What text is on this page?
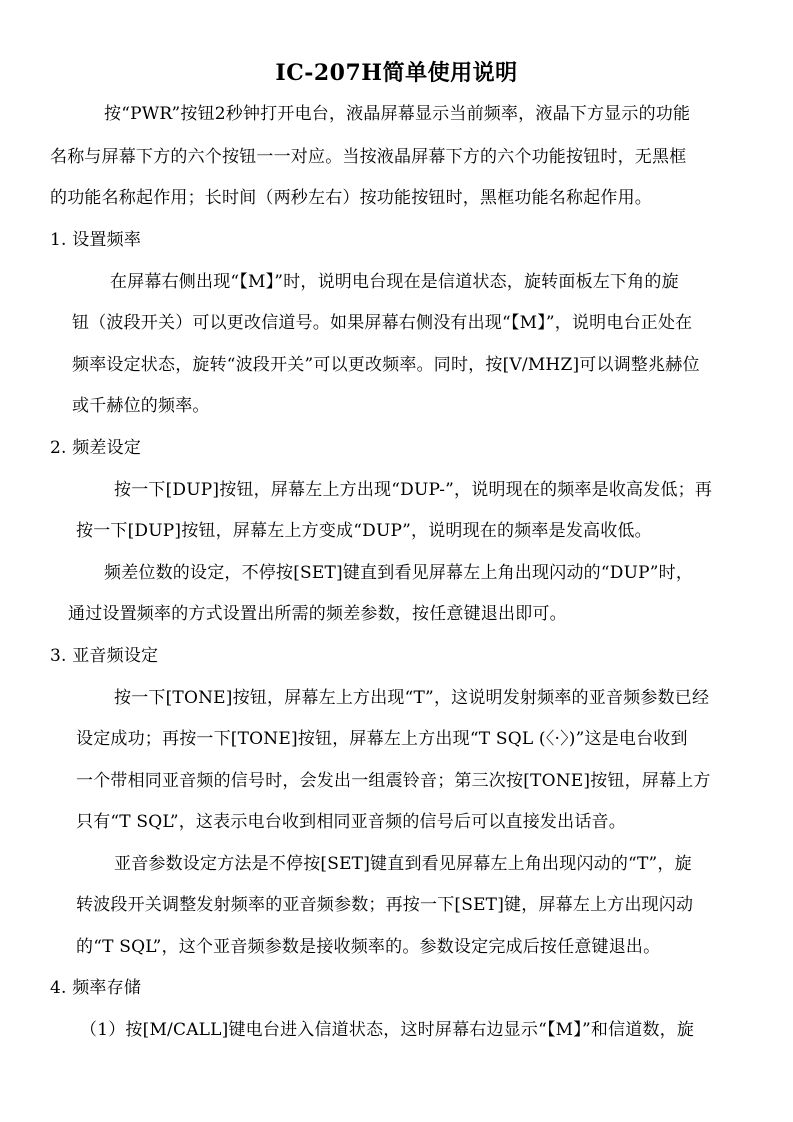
IC-207H简单使用说明
按“PWR”按钮2秒钟打开电台，液晶屏幕显示当前频率，液晶下方显示的功能
名称与屏幕下方的六个按钮一一对应。当按液晶屏幕下方的六个功能按钮时，无黑框
的功能名称起作用；长时间（两秒左右）按功能按钮时，黑框功能名称起作用。
1. 设置频率
在屏幕右侧出现“【M】”时，说明电台现在是信道状态，旋转面板左下角的旋
钮（波段开关）可以更改信道号。如果屏幕右侧没有出现“【M】”，说明电台正处在
频率设定状态，旋转“波段开关”可以更改频率。同时，按[V/MHZ]可以调整兆赫位
或千赫位的频率。
2. 频差设定
按一下[DUP]按钮，屏幕左上方出现“DUP-”，说明现在的频率是收高发低；再
按一下[DUP]按钮，屏幕左上方变成“DUP”，说明现在的频率是发高收低。
频差位数的设定，不停按[SET]键直到看见屏幕左上角出现闪动的“DUP”时，
通过设置频率的方式设置出所需的频差参数，按任意键退出即可。
3. 亚音频设定
按一下[TONE]按钮，屏幕左上方出现“T”，这说明发射频率的亚音频参数已经
设定成功；再按一下[TONE]按钮，屏幕左上方出现“T SQL (〈·〉)”这是电台收到
一个带相同亚音频的信号时，会发出一组震铃音；第三次按[TONE]按钮，屏幕上方
只有“T SQL”，这表示电台收到相同亚音频的信号后可以直接发出话音。
亚音参数设定方法是不停按[SET]键直到看见屏幕左上角出现闪动的“T”，旋
转波段开关调整发射频率的亚音频参数；再按一下[SET]键，屏幕左上方出现闪动
的“T SQL”，这个亚音频参数是接收频率的。参数设定完成后按任意键退出。
4. 频率存储
（1）按[M/CALL]键电台进入信道状态，这时屏幕右边显示“【M】”和信道数，旋
